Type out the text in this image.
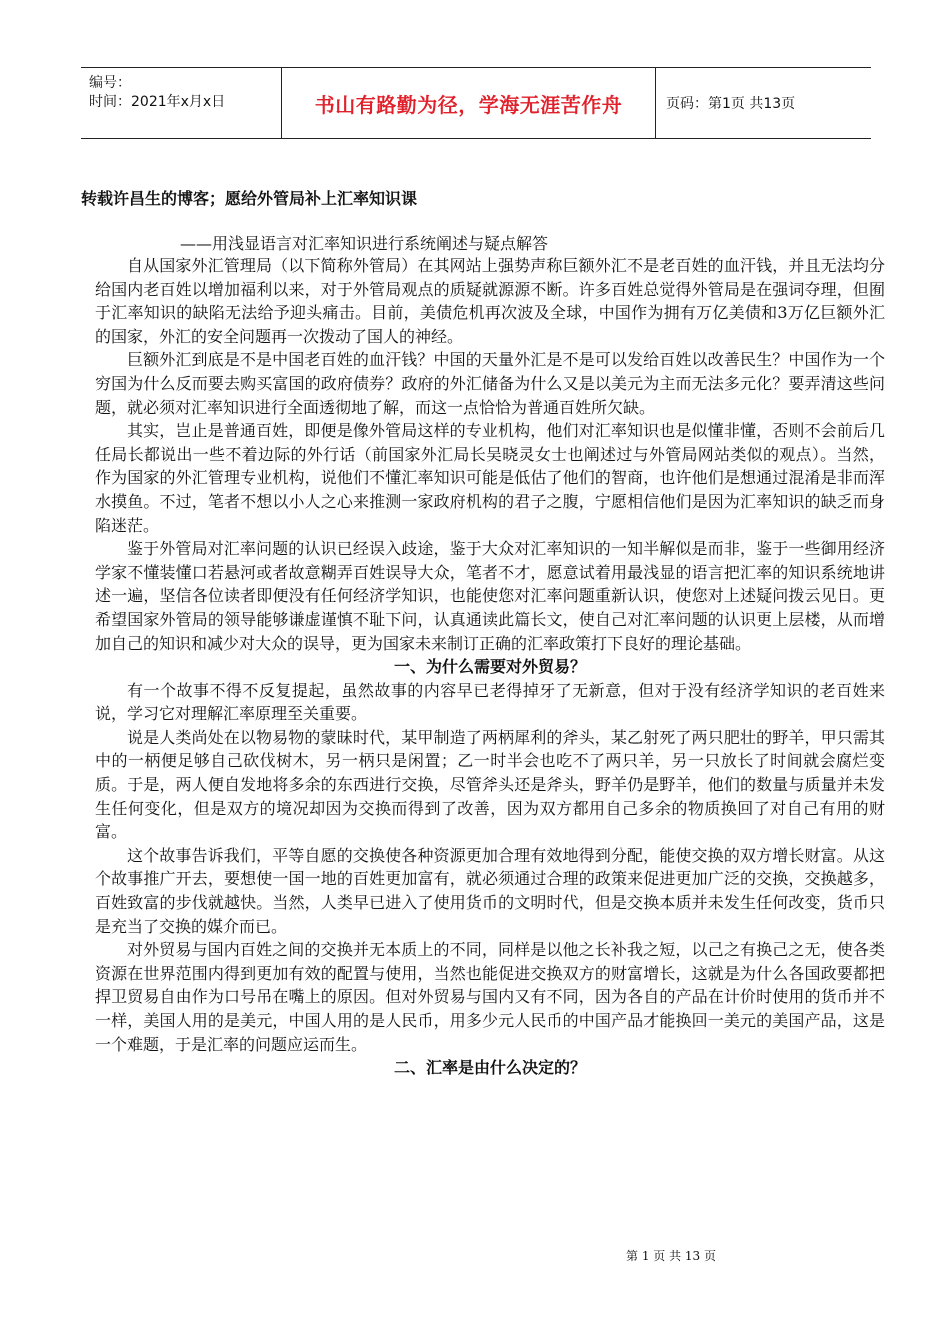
编号：
时间：2021年x月x日	书山有路勤为径，学海无涯苦作舟	页码：第1页 共13页
转载许昌生的博客；愿给外管局补上汇率知识课
——用浅显语言对汇率知识进行系统阐述与疑点解答

自从国家外汇管理局（以下简称外管局）在其网站上强势声称巨额外汇不是老百姓的血汗钱，并且无法均分给国内老百姓以增加福利以来，对于外管局观点的质疑就源源不断。许多百姓总觉得外管局是在强词夺理，但囿于汇率知识的缺陷无法给予迎头痛击。目前，美债危机再次波及全球，中国作为拥有万亿美债和3万亿巨额外汇的国家，外汇的安全问题再一次拨动了国人的神经。

巨额外汇到底是不是中国老百姓的血汗钱？中国的天量外汇是不是可以发给百姓以改善民生？中国作为一个穷国为什么反而要去购买富国的政府债券？政府的外汇储备为什么又是以美元为主而无法多元化？要弄清这些问题，就必须对汇率知识进行全面透彻地了解，而这一点恰恰为普通百姓所欠缺。

其实，岂止是普通百姓，即便是像外管局这样的专业机构，他们对汇率知识也是似懂非懂，否则不会前后几任局长都说出一些不着边际的外行话（前国家外汇局长吴晓灵女士也阐述过与外管局网站类似的观点）。当然，作为国家的外汇管理专业机构，说他们不懂汇率知识可能是低估了他们的智商，也许他们是想通过混淆是非而浑水摸鱼。不过，笔者不想以小人之心来推测一家政府机构的君子之腹，宁愿相信他们是因为汇率知识的缺乏而身陷迷茫。

鉴于外管局对汇率问题的认识已经误入歧途，鉴于大众对汇率知识的一知半解似是而非，鉴于一些御用经济学家不懂装懂口若悬河或者故意糊弄百姓误导大众，笔者不才，愿意试着用最浅显的语言把汇率的知识系统地讲述一遍，坚信各位读者即便没有任何经济学知识，也能使您对汇率问题重新认识，使您对上述疑问拨云见日。更希望国家外管局的领导能够谦虚谨慎不耻下问，认真通读此篇长文，使自己对汇率问题的认识更上层楼，从而增加自己的知识和减少对大众的误导，更为国家未来制订正确的汇率政策打下良好的理论基础。

一、为什么需要对外贸易？

有一个故事不得不反复提起，虽然故事的内容早已老得掉牙了无新意，但对于没有经济学知识的老百姓来说，学习它对理解汇率原理至关重要。

说是人类尚处在以物易物的蒙昧时代，某甲制造了两柄犀利的斧头，某乙射死了两只肥壮的野羊，甲只需其中的一柄便足够自己砍伐树木，另一柄只是闲置；乙一时半会也吃不了两只羊，另一只放长了时间就会腐烂变质。于是，两人便自发地将多余的东西进行交换，尽管斧头还是斧头，野羊仍是野羊，他们的数量与质量并未发生任何变化，但是双方的境况却因为交换而得到了改善，因为双方都用自己多余的物质换回了对自己有用的财富。

这个故事告诉我们，平等自愿的交换使各种资源更加合理有效地得到分配，能使交换的双方增长财富。从这个故事推广开去，要想使一国一地的百姓更加富有，就必须通过合理的政策来促进更加广泛的交换，交换越多，百姓致富的步伐就越快。当然，人类早已进入了使用货币的文明时代，但是交换本质并未发生任何改变，货币只是充当了交换的媒介而已。

对外贸易与国内百姓之间的交换并无本质上的不同，同样是以他之长补我之短，以己之有换己之无，使各类资源在世界范围内得到更加有效的配置与使用，当然也能促进交换双方的财富增长，这就是为什么各国政要都把捍卫贸易自由作为口号吊在嘴上的原因。但对外贸易与国内又有不同，因为各自的产品在计价时使用的货币并不一样，美国人用的是美元，中国人用的是人民币，用多少元人民币的中国产品才能换回一美元的美国产品，这是一个难题，于是汇率的问题应运而生。

二、汇率是由什么决定的？
第 1 页 共 13 页
